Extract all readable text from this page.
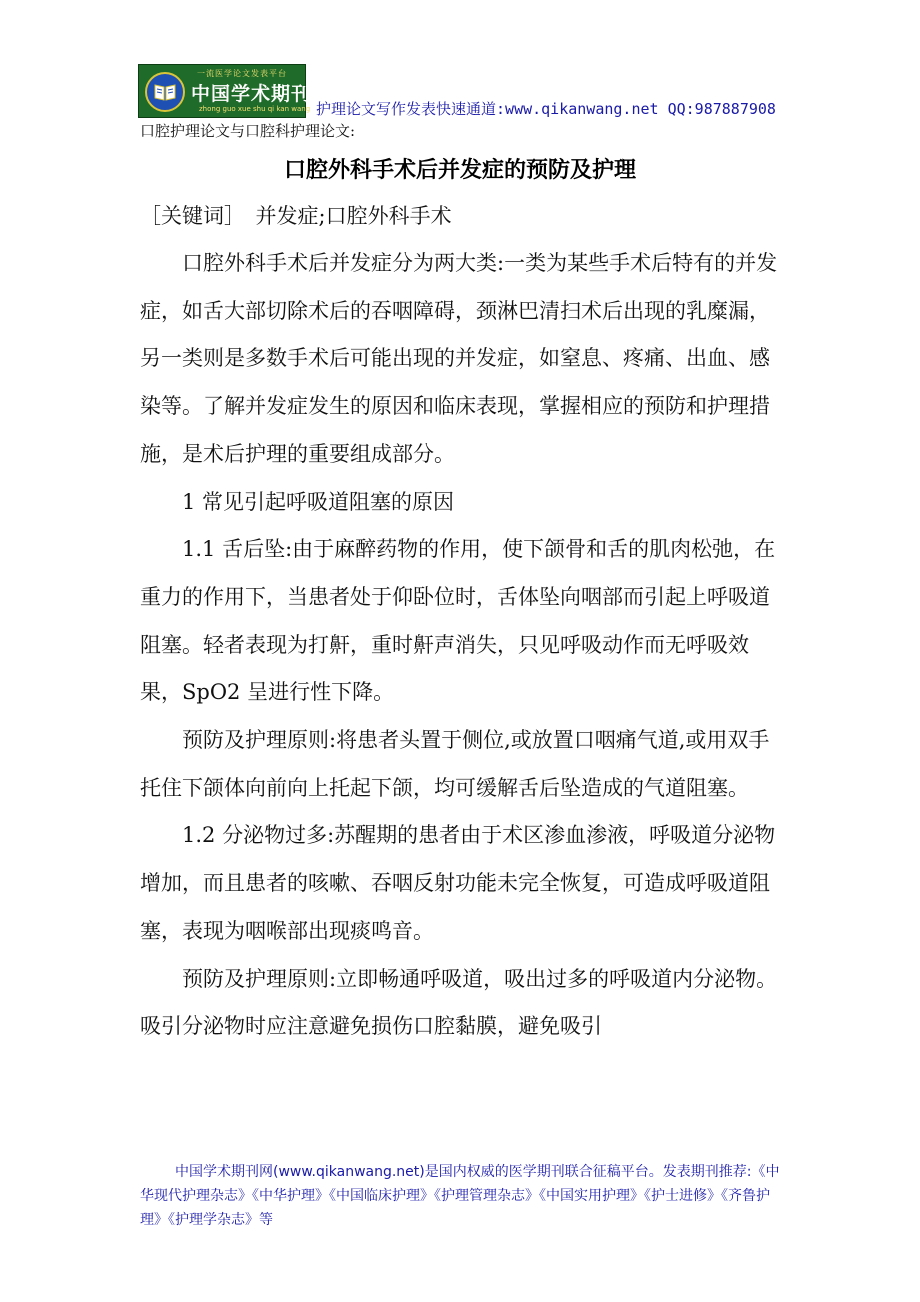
一流医学论文发表平台
中国学术期刊网
zhong guo xue shu qi kan wang 护理论文写作发表快速通道:www.qikanwang.net QQ:987887908
口腔护理论文与口腔科护理论文:
口腔外科手术后并发症的预防及护理
［关键词］　并发症;口腔外科手术

口腔外科手术后并发症分为两大类:一类为某些手术后特有的并发症，如舌大部切除术后的吞咽障碍，颈淋巴清扫术后出现的乳糜漏，另一类则是多数手术后可能出现的并发症，如窒息、疼痛、出血、感染等。了解并发症发生的原因和临床表现，掌握相应的预防和护理措施，是术后护理的重要组成部分。

1 常见引起呼吸道阻塞的原因

1.1 舌后坠:由于麻醉药物的作用，使下颌骨和舌的肌肉松弛，在重力的作用下，当患者处于仰卧位时，舌体坠向咽部而引起上呼吸道阻塞。轻者表现为打鼾，重时鼾声消失，只见呼吸动作而无呼吸效果，SpO2 呈进行性下降。

预防及护理原则:将患者头置于侧位,或放置口咽痛气道,或用双手托住下颌体向前向上托起下颌，均可缓解舌后坠造成的气道阻塞。

1.2 分泌物过多:苏醒期的患者由于术区渗血渗液，呼吸道分泌物增加，而且患者的咳嗽、吞咽反射功能未完全恢复，可造成呼吸道阻塞，表现为咽喉部出现痰鸣音。

预防及护理原则:立即畅通呼吸道，吸出过多的呼吸道内分泌物。吸引分泌物时应注意避免损伤口腔黏膜，避免吸引

中国学术期刊网(www.qikanwang.net)是国内权威的医学期刊联合征稿平台。发表期刊推荐:《中华现代护理杂志》《中华护理》《中国临床护理》《护理管理杂志》《中国实用护理》《护士进修》《齐鲁护理》《护理学杂志》等
